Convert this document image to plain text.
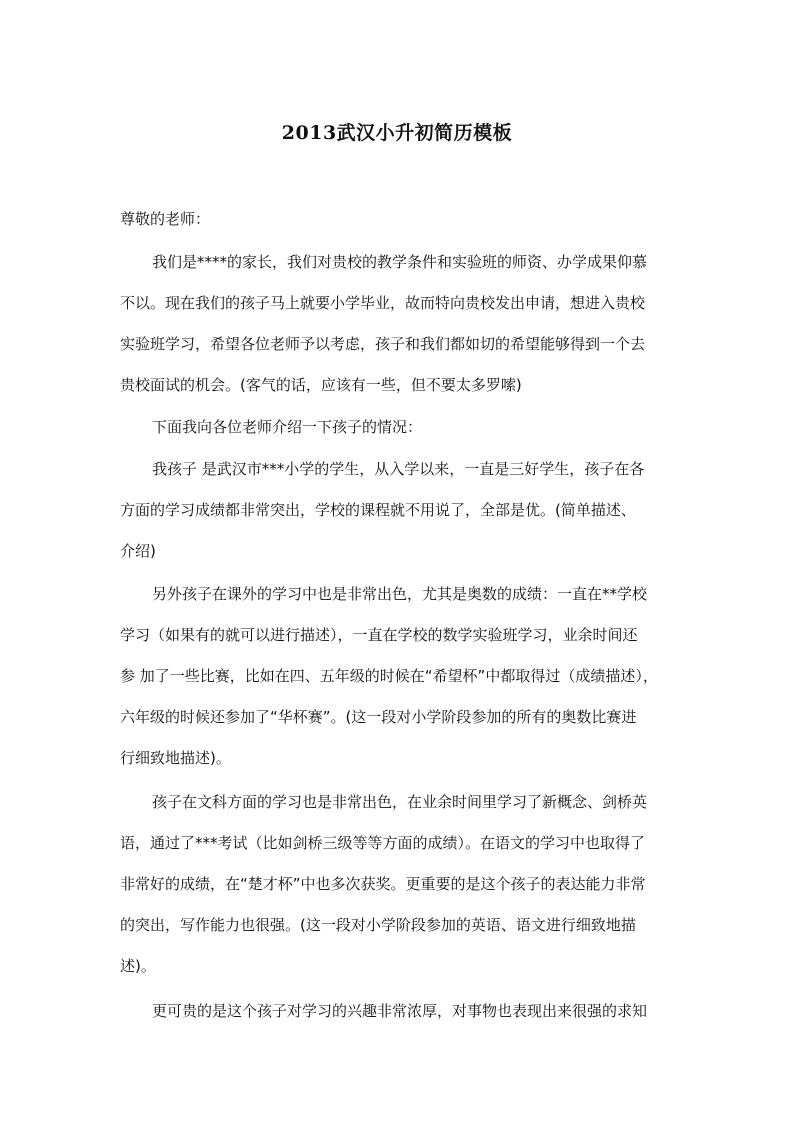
2013武汉小升初简历模板
尊敬的老师：
我们是****的家长，我们对贵校的教学条件和实验班的师资、办学成果仰慕
不以。现在我们的孩子马上就要小学毕业，故而特向贵校发出申请，想进入贵校
实验班学习，希望各位老师予以考虑，孩子和我们都如切的希望能够得到一个去
贵校面试的机会。(客气的话，应该有一些，但不要太多罗嗦)
下面我向各位老师介绍一下孩子的情况：
我孩子 是武汉市***小学的学生，从入学以来，一直是三好学生，孩子在各
方面的学习成绩都非常突出，学校的课程就不用说了，全部是优。(简单描述、
介绍)
另外孩子在课外的学习中也是非常出色，尤其是奥数的成绩：一直在**学校
学习（如果有的就可以进行描述），一直在学校的数学实验班学习，业余时间还
参 加了一些比赛，比如在四、五年级的时候在“希望杯”中都取得过（成绩描述），
六年级的时候还参加了“华杯赛”。(这一段对小学阶段参加的所有的奥数比赛进
行细致地描述)。
孩子在文科方面的学习也是非常出色，在业余时间里学习了新概念、剑桥英
语，通过了***考试（比如剑桥三级等等方面的成绩）。在语文的学习中也取得了
非常好的成绩，在“楚才杯”中也多次获奖。更重要的是这个孩子的表达能力非常
的突出，写作能力也很强。(这一段对小学阶段参加的英语、语文进行细致地描
述)。
更可贵的是这个孩子对学习的兴趣非常浓厚，对事物也表现出来很强的求知
